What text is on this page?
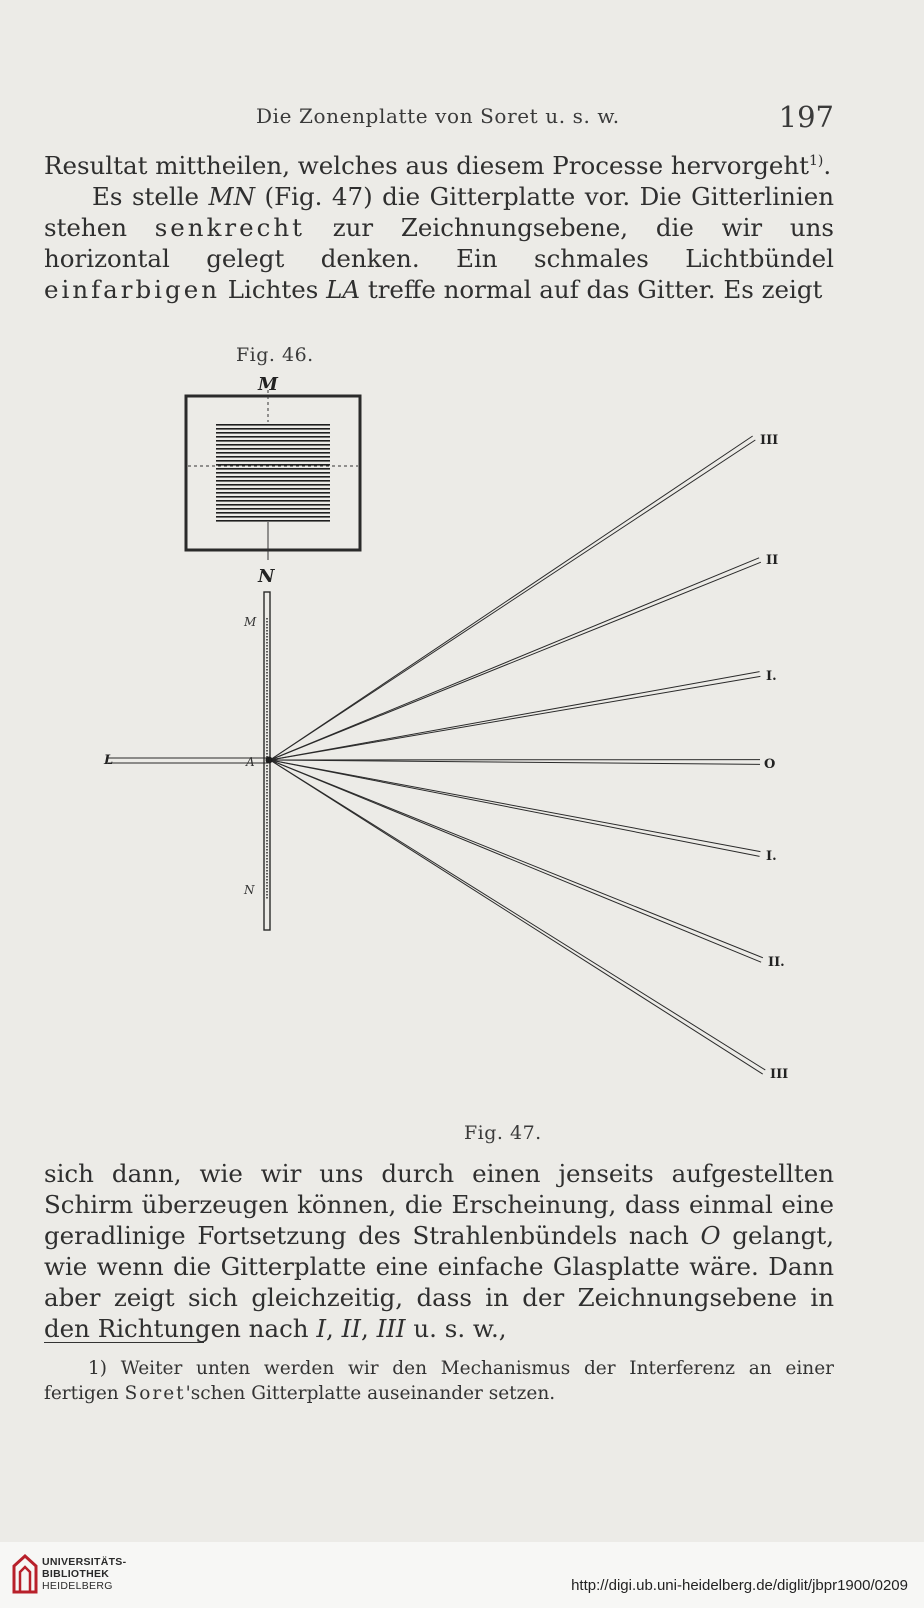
Die Zonenplatte von Soret u. s. w.	197

Resultat mittheilen, welches aus diesem Processe hervorgeht$^{1)}$.

Es stelle MN (Fig. 47) die Gitterplatte vor. Die Gitterlinien stehen senkrecht zur Zeichnungsebene, die wir uns horizontal gelegt denken. Ein schmales Lichtbündel einfarbigen Lichtes LA treffe normal auf das Gitter. Es zeigt

Fig. 46.
M
N
M
N
L	A
III
II
I.
O
I.
II.
III
Fig. 47.

sich dann, wie wir uns durch einen jenseits aufgestellten Schirm überzeugen können, die Erscheinung, dass einmal eine geradlinige Fortsetzung des Strahlenbündels nach O gelangt, wie wenn die Gitterplatte eine einfache Glasplatte wäre. Dann aber zeigt sich gleichzeitig, dass in der Zeichnungsebene in den Richtungen nach I, II, III u. s. w.,

1) Weiter unten werden wir den Mechanismus der Interferenz an einer fertigen Soret'schen Gitterplatte auseinander setzen.

UNIVERSITÄTS-
BIBLIOTHEK
HEIDELBERG	http://digi.ub.uni-heidelberg.de/diglit/jbpr1900/0209
